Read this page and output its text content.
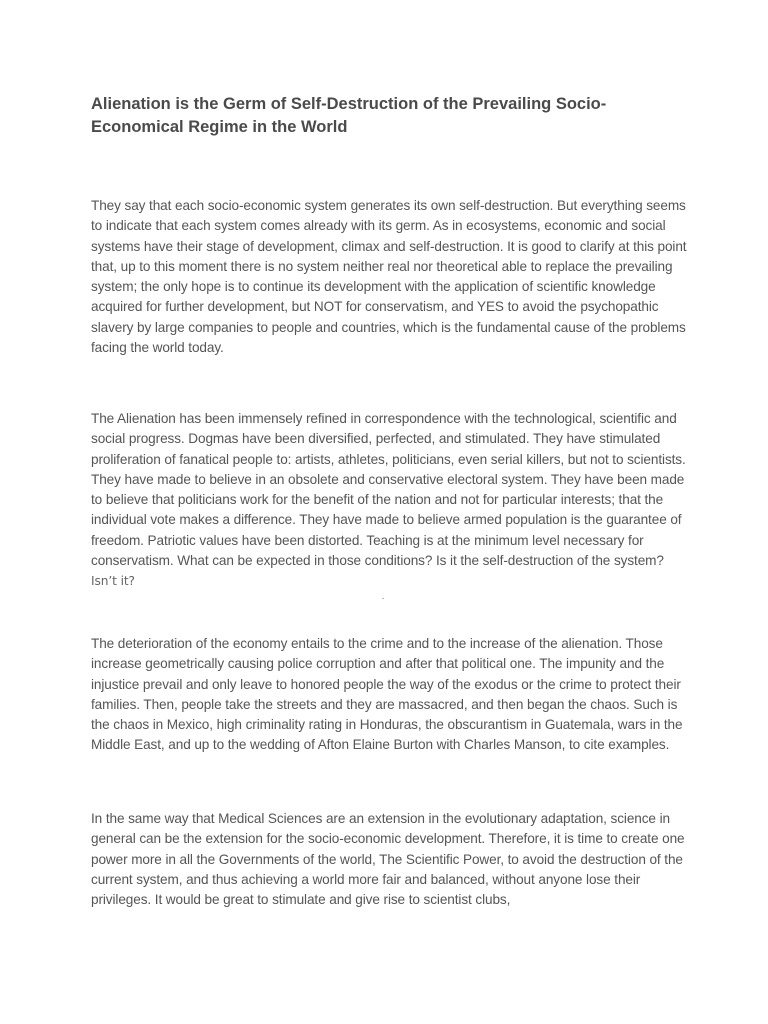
Alienation is the Germ of Self-Destruction of the Prevailing Socio-Economical Regime in the World

They say that each socio-economic system generates its own self-destruction. But everything seems to indicate that each system comes already with its germ. As in ecosystems, economic and social systems have their stage of development, climax and self-destruction. It is good to clarify at this point that, up to this moment there is no system neither real nor theoretical able to replace the prevailing system; the only hope is to continue its development with the application of scientific knowledge acquired for further development, but NOT for conservatism, and YES to avoid the psychopathic slavery by large companies to people and countries, which is the fundamental cause of the problems facing the world today.

The Alienation has been immensely refined in correspondence with the technological, scientific and social progress. Dogmas have been diversified, perfected, and stimulated. They have stimulated proliferation of fanatical people to: artists, athletes, politicians, even serial killers, but not to scientists. They have made to believe in an obsolete and conservative electoral system. They have been made to believe that politicians work for the benefit of the nation and not for particular interests; that the individual vote makes a difference. They have made to believe armed population is the guarantee of freedom. Patriotic values have been distorted. Teaching is at the minimum level necessary for conservatism. What can be expected in those conditions? Is it the self-destruction of the system? Isn’t it?

The deterioration of the economy entails to the crime and to the increase of the alienation. Those increase geometrically causing police corruption and after that political one. The impunity and the injustice prevail and only leave to honored people the way of the exodus or the crime to protect their families. Then, people take the streets and they are massacred, and then began the chaos. Such is the chaos in Mexico, high criminality rating in Honduras, the obscurantism in Guatemala, wars in the Middle East, and up to the wedding of Afton Elaine Burton with Charles Manson, to cite examples.

In the same way that Medical Sciences are an extension in the evolutionary adaptation, science in general can be the extension for the socio-economic development. Therefore, it is time to create one power more in all the Governments of the world, The Scientific Power, to avoid the destruction of the current system, and thus achieving a world more fair and balanced, without anyone lose their privileges. It would be great to stimulate and give rise to scientist clubs,
